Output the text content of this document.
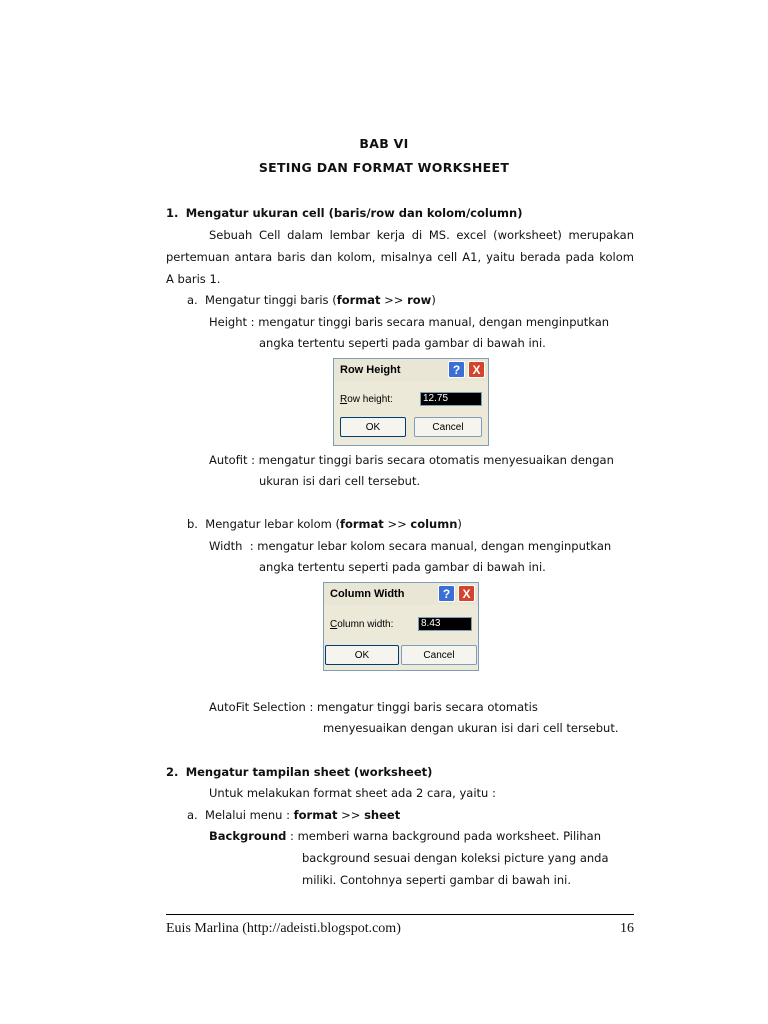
BAB VI
SETING DAN FORMAT WORKSHEET
1. Mengatur ukuran cell (baris/row dan kolom/column)
Sebuah Cell dalam lembar kerja di MS. excel (worksheet) merupakan
pertemuan antara baris dan kolom, misalnya cell A1, yaitu berada pada kolom
A baris 1.
a. Mengatur tinggi baris (format >> row)
Height : mengatur tinggi baris secara manual, dengan menginputkan
angka tertentu seperti pada gambar di bawah ini.
Row Height	?	X
Row height:	12.75
OK	Cancel
Autofit : mengatur tinggi baris secara otomatis menyesuaikan dengan
ukuran isi dari cell tersebut.
b. Mengatur lebar kolom (format >> column)
Width  : mengatur lebar kolom secara manual, dengan menginputkan
angka tertentu seperti pada gambar di bawah ini.
Column Width	?	X
Column width:	8.43
OK	Cancel
AutoFit Selection : mengatur tinggi baris secara otomatis
menyesuaikan dengan ukuran isi dari cell tersebut.
2. Mengatur tampilan sheet (worksheet)
Untuk melakukan format sheet ada 2 cara, yaitu :
a. Melalui menu : format >> sheet
Background : memberi warna background pada worksheet. Pilihan
background sesuai dengan koleksi picture yang anda
miliki. Contohnya seperti gambar di bawah ini.
Euis Marlina (http://adeisti.blogspot.com)	16
